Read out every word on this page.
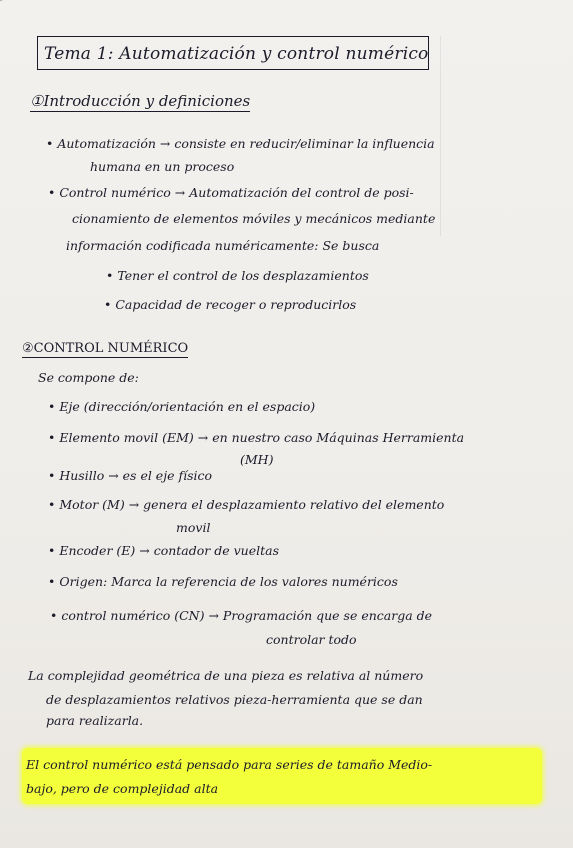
Tema 1: Automatización y control numérico
①Introducción y definiciones
• Automatización → consiste en reducir/eliminar la influencia
humana en un proceso
• Control numérico → Automatización del control de posi-
cionamiento de elementos móviles y mecánicos mediante
información codificada numéricamente: Se busca
• Tener el control de los desplazamientos
• Capacidad de recoger o reproducirlos
②CONTROL NUMÉRICO
Se compone de:
• Eje (dirección/orientación en el espacio)
• Elemento movil (EM) → en nuestro caso Máquinas Herramienta
(MH)
• Husillo → es el eje físico
• Motor (M) → genera el desplazamiento relativo del elemento
movil
• Encoder (E) → contador de vueltas
• Origen: Marca la referencia de los valores numéricos
• control numérico (CN) → Programación que se encarga de
controlar todo
La complejidad geométrica de una pieza es relativa al número
de desplazamientos relativos pieza-herramienta que se dan
para realizarla.
El control numérico está pensado para series de tamaño Medio-
bajo, pero de complejidad alta
